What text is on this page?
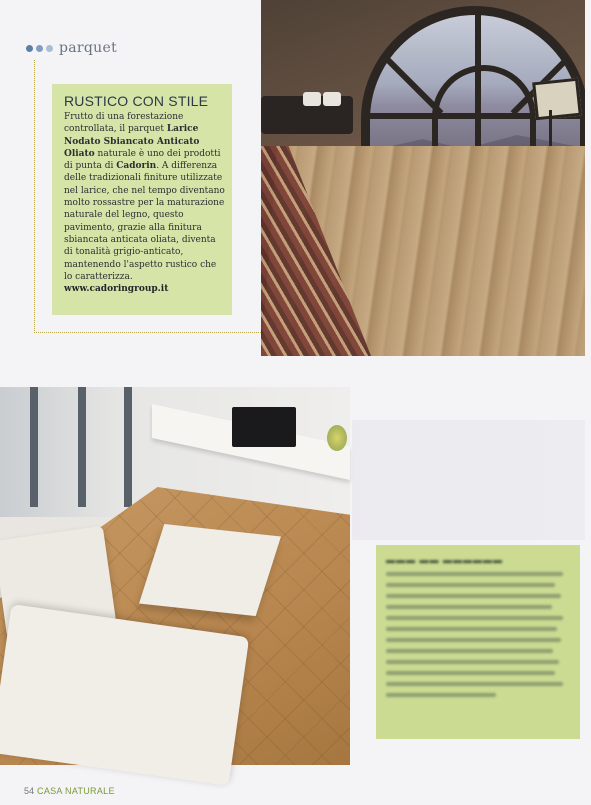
parquet
RUSTICO CON STILE

Frutto di una forestazione controllata, il parquet Larice Nodato Sbiancato Anticato Oliato naturale è uno dei prodotti di punta di Cadorin. A differenza delle tradizionali finiture utilizzate nel larice, che nel tempo diventano molto rossastre per la maturazione naturale del legno, questo pavimento, grazie alla finitura sbiancata anticata oliata, diventa di tonalità grigio-anticato, mantenendo l'aspetto rustico che lo caratterizza.

www.cadoringroup.it
▬▬▬ ▬▬ ▬▬▬▬▬▬
54 CASA NATURALE
